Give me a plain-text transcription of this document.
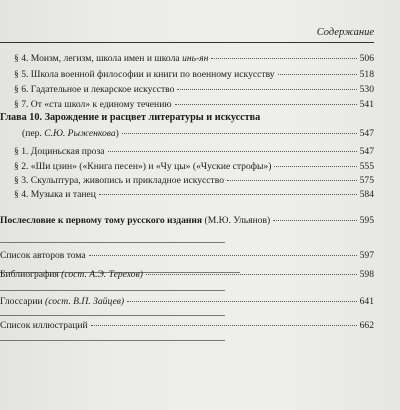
Содержание
§ 4. Моизм, легизм, школа имен и школа инь-ян	506
§ 5. Школа военной философии и книги по военному искусству	518
§ 6. Гадательное и лекарское искусство	530
§ 7. От «ста школ» к единому течению	541
Глава 10. Зарождение и расцвет литературы и искусства
(пер. С.Ю. Рыженкова)	547
§ 1. Доциньская проза	547
§ 2. «Ши цзин» («Книга песен») и «Чу цы» («Чуские строфы»)	555
§ 3. Скульптура, живопись и прикладное искусство	575
§ 4. Музыка и танец	584
Послесловие к первому тому русского издания (М.Ю. Ульянов)	595
Список авторов тома	597
Библиография (сост. А.Э. Терехов)	598
Глоссарии (сост. В.П. Зайцев)	641
Список иллюстраций	662
